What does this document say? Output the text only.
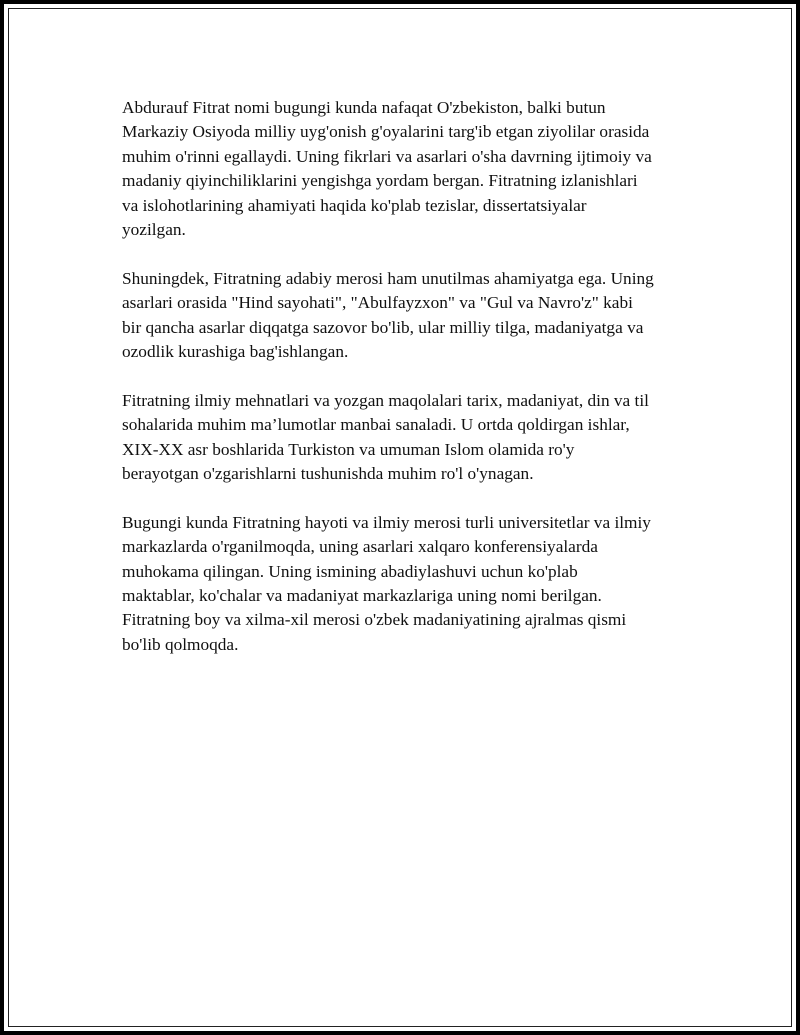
Abdurauf Fitrat nomi bugungi kunda nafaqat O'zbekiston, balki butun
Markaziy Osiyoda milliy uyg'onish g'oyalarini targ'ib etgan ziyolilar orasida
muhim o'rinni egallaydi. Uning fikrlari va asarlari o'sha davrning ijtimoiy va
madaniy qiyinchiliklarini yengishga yordam bergan. Fitratning izlanishlari
va islohotlarining ahamiyati haqida ko'plab tezislar, dissertatsiyalar
yozilgan.

Shuningdek, Fitratning adabiy merosi ham unutilmas ahamiyatga ega. Uning
asarlari orasida "Hind sayohati", "Abulfayzxon" va "Gul va Navro'z" kabi
bir qancha asarlar diqqatga sazovor bo'lib, ular milliy tilga, madaniyatga va
ozodlik kurashiga bag'ishlangan.

Fitratning ilmiy mehnatlari va yozgan maqolalari tarix, madaniyat, din va til
sohalarida muhim ma’lumotlar manbai sanaladi. U ortda qoldirgan ishlar,
XIX-XX asr boshlarida Turkiston va umuman Islom olamida ro'y
berayotgan o'zgarishlarni tushunishda muhim ro'l o'ynagan.

Bugungi kunda Fitratning hayoti va ilmiy merosi turli universitetlar va ilmiy
markazlarda o'rganilmoqda, uning asarlari xalqaro konferensiyalarda
muhokama qilingan. Uning ismining abadiylashuvi uchun ko'plab
maktablar, ko'chalar va madaniyat markazlariga uning nomi berilgan.
Fitratning boy va xilma-xil merosi o'zbek madaniyatining ajralmas qismi
bo'lib qolmoqda.
